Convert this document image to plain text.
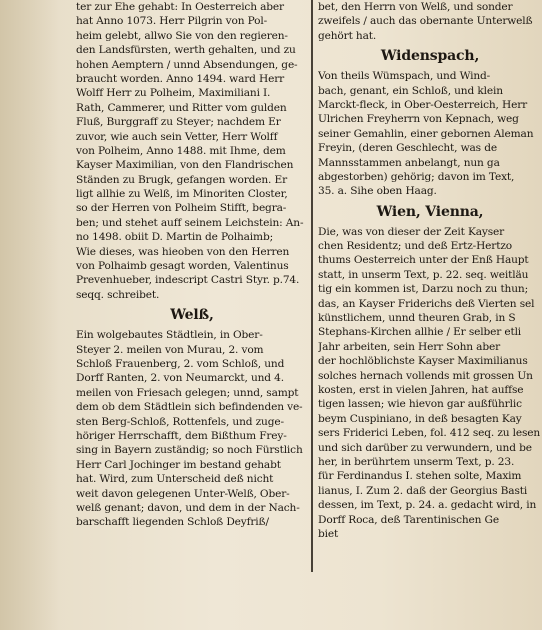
ter zur Ehe gehabt: In Oesterreich aber
hat Anno 1073. Herr Pilgrin von Pol-
heim gelebt, allwo Sie von den regieren-
den Landsfürsten, werth gehalten, und zu
hohen Aemptern / unnd Absendungen, ge-
braucht worden. Anno 1494. ward Herr
Wolff Herr zu Polheim, Maximiliani I.
Rath, Cammerer, und Ritter vom gulden
Fluß, Burggraff zu Steyer; nachdem Er
zuvor, wie auch sein Vetter, Herr Wolff
von Polheim, Anno 1488. mit Ihme, dem
Kayser Maximilian, von den Flandrischen
Ständen zu Brugk, gefangen worden. Er
ligt allhie zu Welß, im Minoriten Closter,
so der Herren von Polheim Stifft, begra-
ben; und stehet auff seinem Leichstein: An-
no 1498. obiit D. Martin de Polhaimb;
Wie dieses, was hieoben von den Herren
von Polhaimb gesagt worden, Valentinus
Prevenhueber, indescript Castri Styr. p.74.
seqq. schreibet.
Welß,
Ein wolgebautes Städtlein, in Ober-
Steyer 2. meilen von Murau, 2. vom
Schloß Frauenberg, 2. vom Schloß, und
Dorff Ranten, 2. von Neumarckt, und 4.
meilen von Friesach gelegen; unnd, sampt
dem ob dem Städtlein sich befindenden ve-
sten Berg-Schloß, Rottenfels, und zuge-
höriger Herrschafft, dem Bißthum Frey-
sing in Bayern zuständig; so noch Fürstlich
Herr Carl Jochinger im bestand gehabt
hat. Wird, zum Unterscheid deß nicht
weit davon gelegenen Unter-Welß, Ober-
welß genant; davon, und dem in der Nach-
barschafft liegenden Schloß Deyfriß/
bet, den Herrn von Welß, und sonder
zweifels / auch das obernante Unterwelß
gehört hat.
Widenspach,
Von theils Wümspach, und Wind-
bach, genant, ein Schloß, und klein
Marckt-fleck, in Ober-Oesterreich, Herr
Ulrichen Freyherrn von Kepnach, weg
seiner Gemahlin, einer gebornen Aleman
Freyin, (deren Geschlecht, was de
Mannsstammen anbelangt, nun ga
abgestorben) gehörig; davon im Text,
35. a. Sihe oben Haag.
Wien, Vienna,
Die, was von dieser der Zeit Kayser
chen Residentz; und deß Ertz-Hertzo
thums Oesterreich unter der Enß Haupt
statt, in unserm Text, p. 22. seq. weitläu
tig ein kommen ist, Darzu noch zu thun;
das, an Kayser Friderichs deß Vierten sel
künstlichem, unnd theuren Grab, in S
Stephans-Kirchen allhie / Er selber etli
Jahr arbeiten, sein Herr Sohn aber
der hochlöblichste Kayser Maximilianus
solches hernach vollends mit grossen Un
kosten, erst in vielen Jahren, hat auffse
tigen lassen; wie hievon gar außführlic
beym Cuspiniano, in deß besagten Kay
sers Friderici Leben, fol. 412 seq. zu lesen
und sich darüber zu verwundern, und be
her, in berührtem unserm Text, p. 23.
für Ferdinandus I. stehen solte, Maxim
lianus, I. Zum 2. daß der Georgius Basti
dessen, im Text, p. 24. a. gedacht wird, in
Dorff Roca, deß Tarentinischen Ge
biet
